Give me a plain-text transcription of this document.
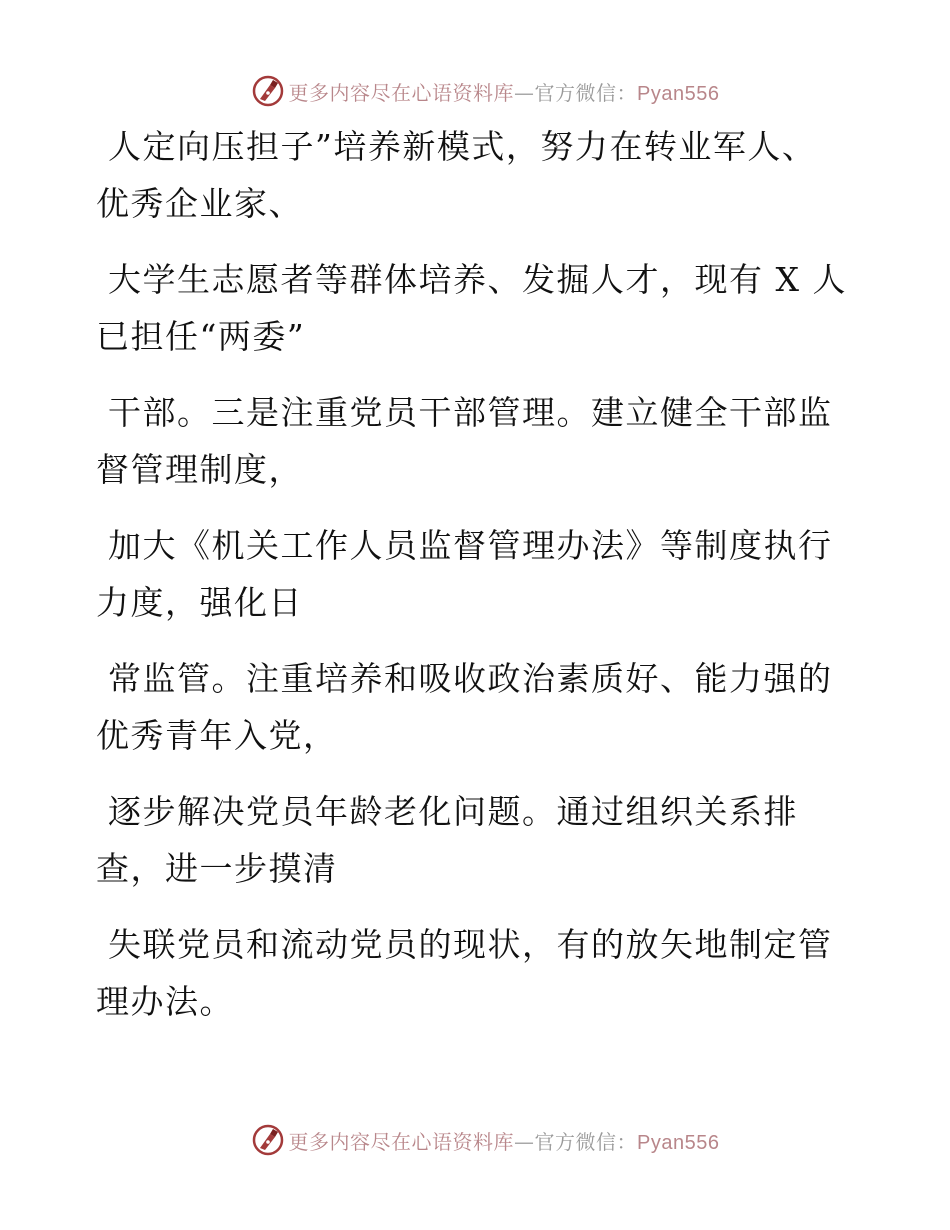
更多内容尽在心语资料库—官方微信：Pyan556

人定向压担子”培养新模式，努力在转业军人、
优秀企业家、

大学生志愿者等群体培养、发掘人才，现有 X 人
已担任“两委”

干部。三是注重党员干部管理。建立健全干部监
督管理制度，

加大《机关工作人员监督管理办法》等制度执行
力度，强化日

常监管。注重培养和吸收政治素质好、能力强的
优秀青年入党，

逐步解决党员年龄老化问题。通过组织关系排
查，进一步摸清

失联党员和流动党员的现状，有的放矢地制定管
理办法。

更多内容尽在心语资料库—官方微信：Pyan556
